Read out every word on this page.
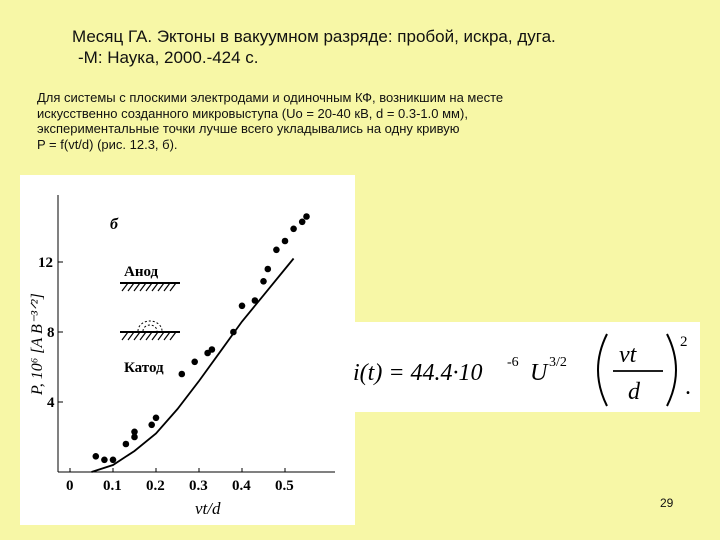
Месяц ГА. Эктоны в вакуумном разряде: пробой, искра, дуга.
-М: Наука, 2000.-424 с.

Для системы с плоскими электродами и одиночным КФ, возникшим на месте
искусственно созданного микровыступа (Uo = 20-40 кВ, d = 0.3-1.0 мм),
экспериментальные точки лучше всего укладывались на одну кривую
P = f(vt/d) (рис. 12.3, б).

0 0.1 0.2 0.3 0.4 0.5
4
8
12
б
Анод
Катод
P, 10⁶ [A B⁻³ᐟ²]
vt/d
i(t) = 44.4·10 -6 U 3/2 vt
d
2
.
29
